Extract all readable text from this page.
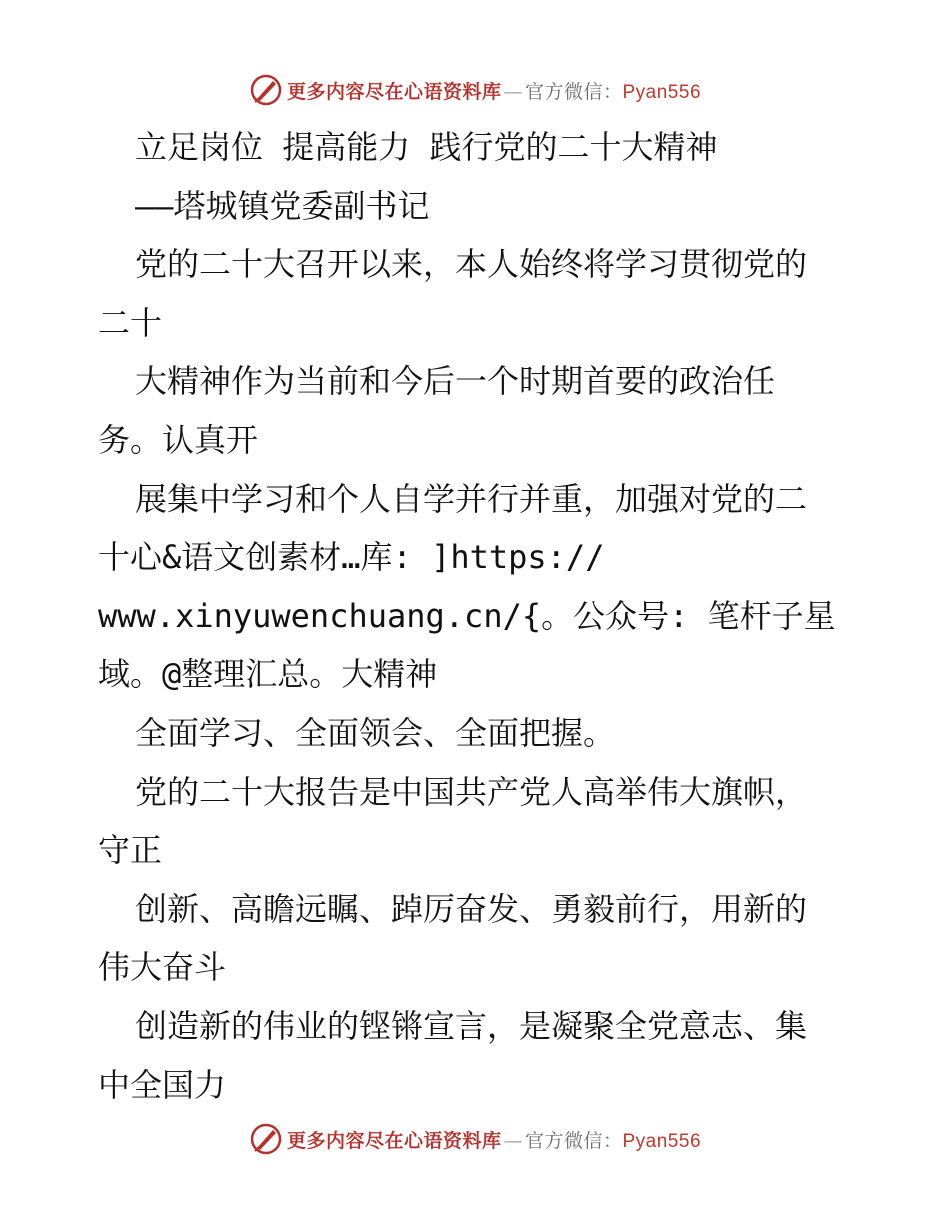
更多内容尽在心语资料库 — 官方微信： Pyan556
立足岗位 提高能力 践行党的二十大精神
——塔城镇党委副书记
党的二十大召开以来，本人始终将学习贯彻党的
二十
大精神作为当前和今后一个时期首要的政治任
务。认真开
展集中学习和个人自学并行并重，加强对党的二
十心&语文创素材…库: ]https://
www.xinyuwenchuang.cn/{。公众号: 笔杆子星
域。@整理汇总。大精神
全面学习、全面领会、全面把握。
党的二十大报告是中国共产党人高举伟大旗帜，
守正
创新、高瞻远瞩、踔厉奋发、勇毅前行，用新的
伟大奋斗
创造新的伟业的铿锵宣言，是凝聚全党意志、集
中全国力
更多内容尽在心语资料库 — 官方微信： Pyan556
